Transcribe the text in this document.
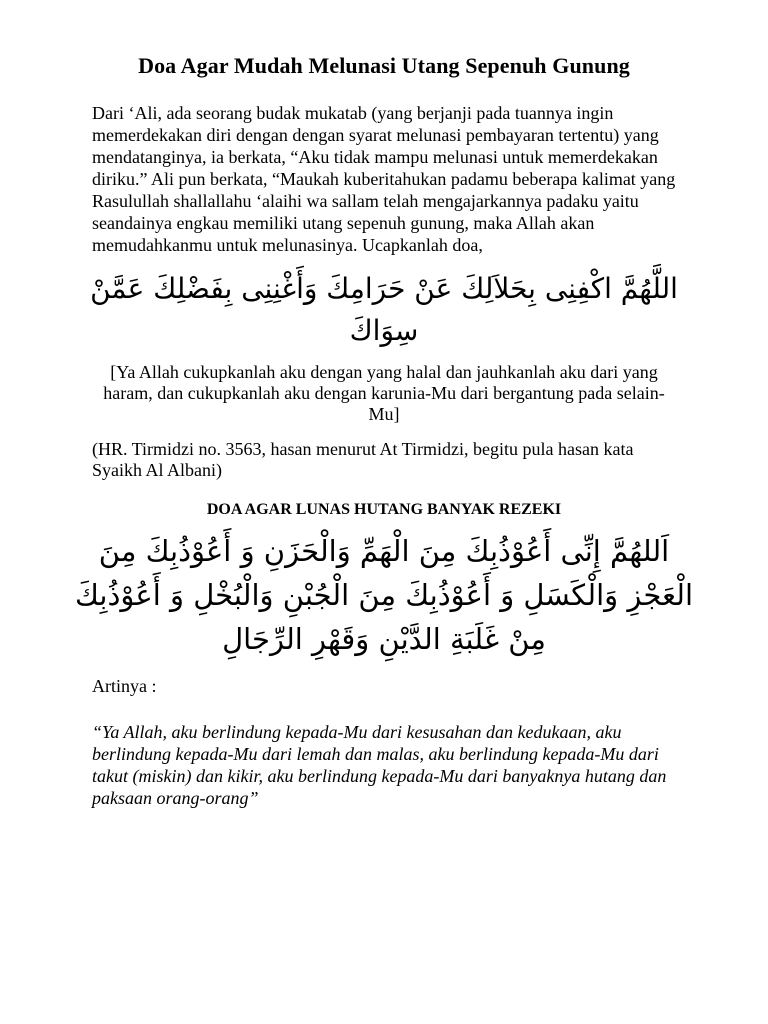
Doa Agar Mudah Melunasi Utang Sepenuh Gunung

Dari ‘Ali, ada seorang budak mukatab (yang berjanji pada tuannya ingin memerdekakan diri dengan dengan syarat melunasi pembayaran tertentu) yang mendatanginya, ia berkata, “Aku tidak mampu melunasi untuk memerdekakan diriku.” Ali pun berkata, “Maukah kuberitahukan padamu beberapa kalimat yang Rasulullah shallallahu ‘alaihi wa sallam telah mengajarkannya padaku yaitu seandainya engkau memiliki utang sepenuh gunung, maka Allah akan memudahkanmu untuk melunasinya. Ucapkanlah doa,

اللَّهُمَّ اكْفِنِى بِحَلاَلِكَ عَنْ حَرَامِكَ وَأَغْنِنِى بِفَضْلِكَ عَمَّنْ سِوَاكَ

[Ya Allah cukupkanlah aku dengan yang halal dan jauhkanlah aku dari yang haram, dan cukupkanlah aku dengan karunia-Mu dari bergantung pada selain-Mu]

(HR. Tirmidzi no. 3563, hasan menurut At Tirmidzi, begitu pula hasan kata Syaikh Al Albani)

DOA AGAR LUNAS HUTANG BANYAK REZEKI
اَللهُمَّ إِنِّى أَعُوْذُبِكَ مِنَ الْهَمِّ وَالْحَزَنِ وَ أَعُوْذُبِكَ مِنَ الْعَجْزِ وَالْكَسَلِ وَ أَعُوْذُبِكَ مِنَ الْجُبْنِ وَالْبُخْلِ وَ أَعُوْذُبِكَ مِنْ غَلَبَةِ الدَّيْنِ وَقَهْرِ الرِّجَالِ

Artinya :

“Ya Allah, aku berlindung kepada-Mu dari kesusahan dan kedukaan, aku berlindung kepada-Mu dari lemah dan malas, aku berlindung kepada-Mu dari takut (miskin) dan kikir, aku berlindung kepada-Mu dari banyaknya hutang dan paksaan orang-orang”
